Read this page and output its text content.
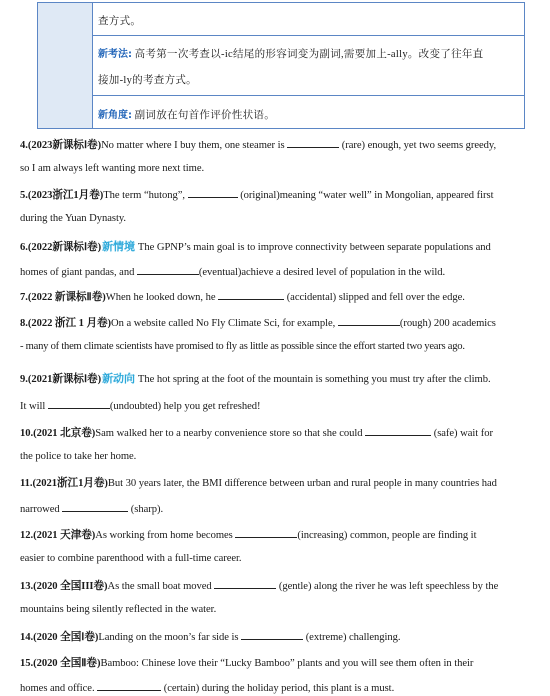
查方式。
新考法: 高考第一次考查以-ic结尾的形容词变为副词,需要加上-ally。改变了往年直
接加-ly的考查方式。
新角度: 副词放在句首作评价性状语。
4.(2023新课标Ⅰ卷)No matter where I buy them, one steamer is	(rare) enough, yet two seems greedy,
so I am always left wanting more next time.
5.(2023浙江1月卷)The term “hutong”,	(original)meaning “water well” in Mongolian, appeared first
during the Yuan Dynasty.
6.(2022新课标Ⅰ卷)新情境 The GPNP’s main goal is to improve connectivity between separate populations and
homes of giant pandas, and	(eventual)achieve a desired level of population in the wild.
7.(2022 新课标Ⅱ卷)When he looked down, he	(accidental) slipped and fell over the edge.
8.(2022 浙江 1 月卷)On a website called No Fly Climate Sci, for example,	(rough) 200 academics
- many of them climate scientists have promised to fly as little as possible since the effort started two years ago.
9.(2021新课标Ⅰ卷)新动向 The hot spring at the foot of the mountain is something you must try after the climb.
It will	(undoubted) help you get refreshed!
10.(2021 北京卷)Sam walked her to a nearby convenience store so that she could	(safe) wait for
the police to take her home.
11.(2021浙江1月卷)But 30 years later, the BMI difference between urban and rural people in many countries had
narrowed	(sharp).
12.(2021 天津卷)As working from home becomes	(increasing) common, people are finding it
easier to combine parenthood with a full-time career.
13.(2020 全国III卷)As the small boat moved	(gentle) along the river he was left speechless by the
mountains being silently reflected in the water.
14.(2020 全国Ⅰ卷)Landing on the moon’s far side is	(extreme) challenging.
15.(2020 全国Ⅱ卷)Bamboo: Chinese love their “Lucky Bamboo” plants and you will see them often in their
homes and office.	(certain) during the holiday period, this plant is a must.
